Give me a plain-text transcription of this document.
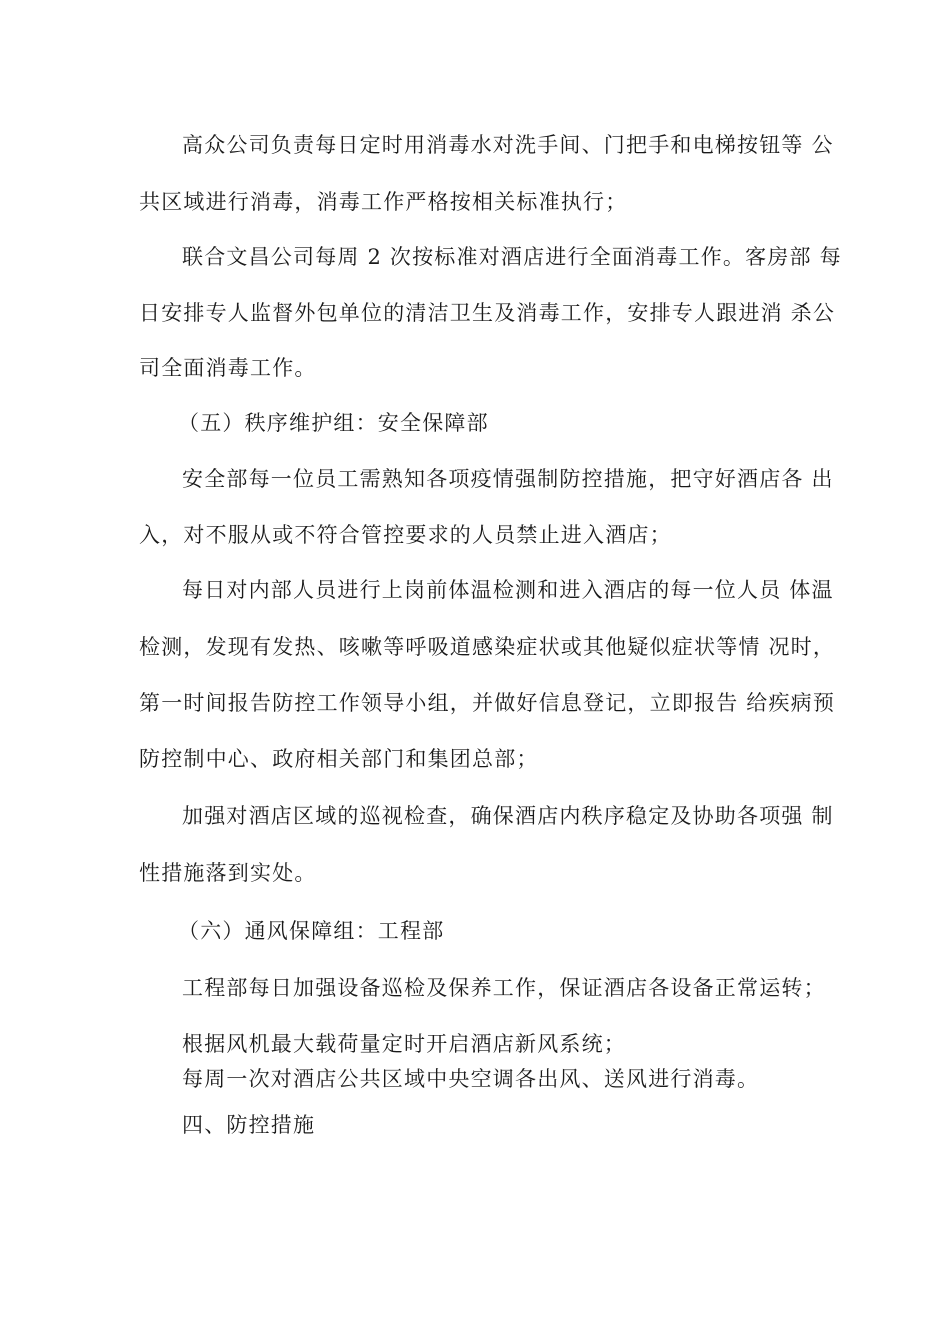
高众公司负责每日定时用消毒水对洗手间、门把手和电梯按钮等 公
共区域进行消毒，消毒工作严格按相关标准执行；
联合文昌公司每周 2 次按标准对酒店进行全面消毒工作。客房部 每
日安排专人监督外包单位的清洁卫生及消毒工作，安排专人跟进消 杀公
司全面消毒工作。
（五）秩序维护组：安全保障部
安全部每一位员工需熟知各项疫情强制防控措施，把守好酒店各 出
入，对不服从或不符合管控要求的人员禁止进入酒店；
每日对内部人员进行上岗前体温检测和进入酒店的每一位人员 体温
检测，发现有发热、咳嗽等呼吸道感染症状或其他疑似症状等情 况时，
第一时间报告防控工作领导小组，并做好信息登记，立即报告 给疾病预
防控制中心、政府相关部门和集团总部；
加强对酒店区域的巡视检查，确保酒店内秩序稳定及协助各项强 制
性措施落到实处。
（六）通风保障组：工程部
工程部每日加强设备巡检及保养工作，保证酒店各设备正常运转；
根据风机最大载荷量定时开启酒店新风系统；
每周一次对酒店公共区域中央空调各出风、送风进行消毒。
四、防控措施
